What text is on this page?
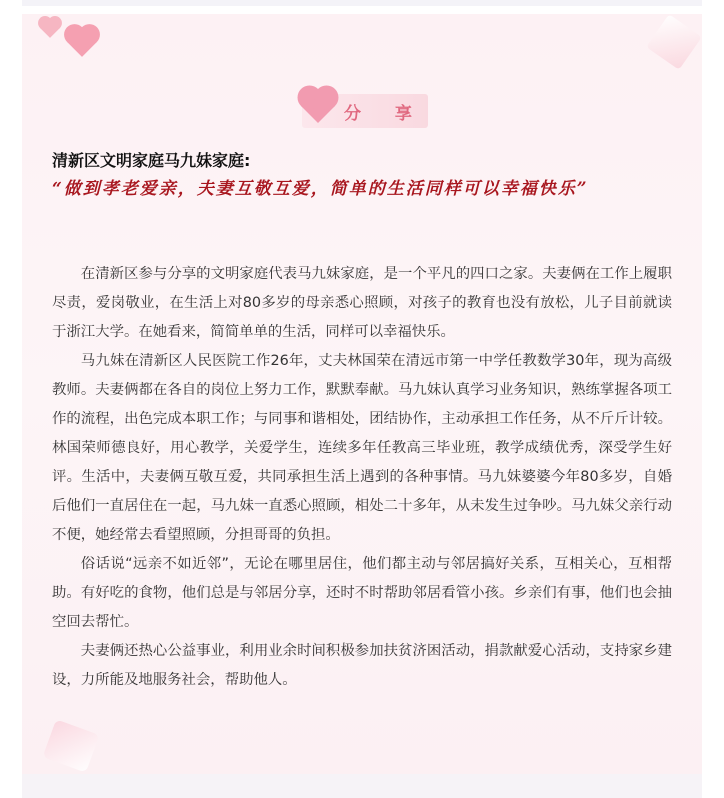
分 享
清新区文明家庭马九妹家庭:
“做到孝老爱亲，夫妻互敬互爱，简单的生活同样可以幸福快乐”

在清新区参与分享的文明家庭代表马九妹家庭，是一个平凡的四口之家。夫妻俩在工作上履职尽责，爱岗敬业，在生活上对80多岁的母亲悉心照顾，对孩子的教育也没有放松，儿子目前就读于浙江大学。在她看来，简简单单的生活，同样可以幸福快乐。

马九妹在清新区人民医院工作26年，丈夫林国荣在清远市第一中学任教数学30年，现为高级教师。夫妻俩都在各自的岗位上努力工作，默默奉献。马九妹认真学习业务知识，熟练掌握各项工作的流程，出色完成本职工作；与同事和谐相处，团结协作，主动承担工作任务，从不斤斤计较。林国荣师德良好，用心教学，关爱学生，连续多年任教高三毕业班，教学成绩优秀，深受学生好评。生活中，夫妻俩互敬互爱，共同承担生活上遇到的各种事情。马九妹婆婆今年80多岁，自婚后他们一直居住在一起，马九妹一直悉心照顾，相处二十多年，从未发生过争吵。马九妹父亲行动不便，她经常去看望照顾，分担哥哥的负担。

俗话说“远亲不如近邻”，无论在哪里居住，他们都主动与邻居搞好关系，互相关心，互相帮助。有好吃的食物，他们总是与邻居分享，还时不时帮助邻居看管小孩。乡亲们有事，他们也会抽空回去帮忙。

夫妻俩还热心公益事业，利用业余时间积极参加扶贫济困活动，捐款献爱心活动，支持家乡建设，力所能及地服务社会，帮助他人。
